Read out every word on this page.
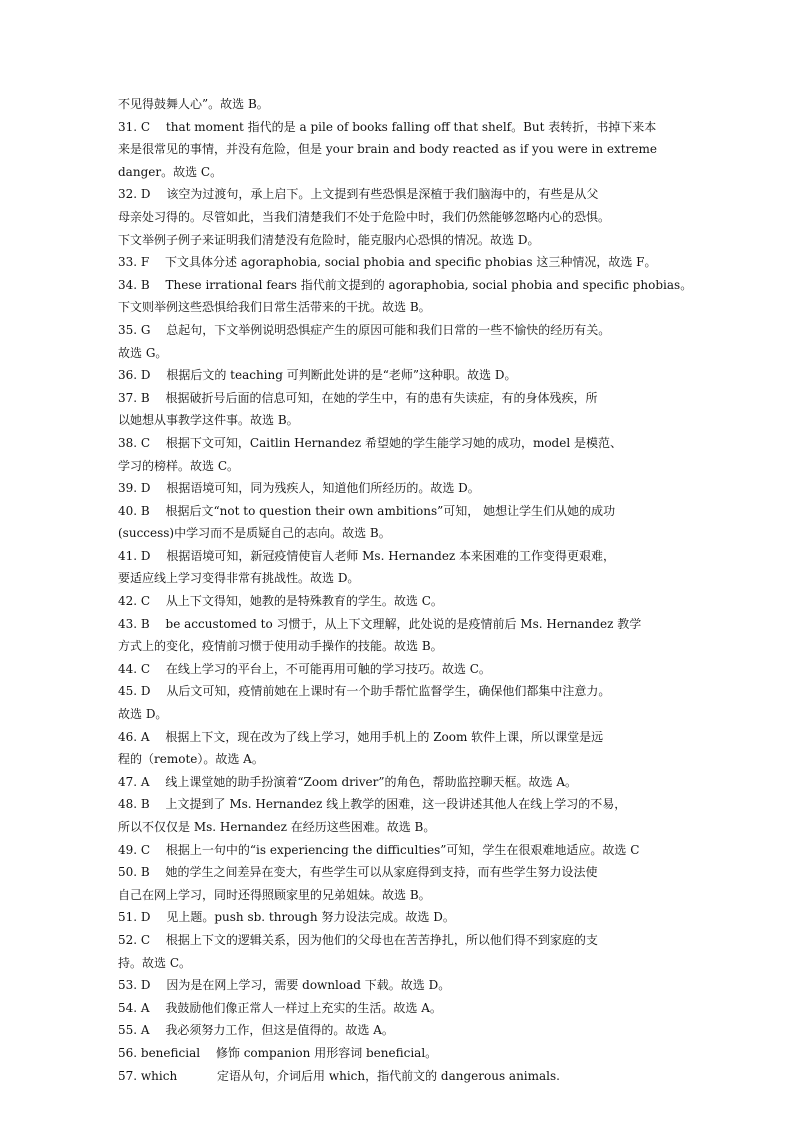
不见得鼓舞人心”。故选 B。
31. C　 that moment 指代的是 a pile of books falling off that shelf。But 表转折，书掉下来本
来是很常见的事情，并没有危险，但是 your brain and body reacted as if you were in extreme
danger。故选 C。
32. D　 该空为过渡句，承上启下。上文提到有些恐惧是深植于我们脑海中的，有些是从父
母亲处习得的。尽管如此，当我们清楚我们不处于危险中时，我们仍然能够忽略内心的恐惧。
下文举例子例子来证明我们清楚没有危险时，能克服内心恐惧的情况。故选 D。
33. F　 下文具体分述 agoraphobia, social phobia and specific phobias 这三种情况，故选 F。
34. B　 These irrational fears 指代前文提到的 agoraphobia, social phobia and specific phobias。
下文则举例这些恐惧给我们日常生活带来的干扰。故选 B。
35. G　 总起句，下文举例说明恐惧症产生的原因可能和我们日常的一些不愉快的经历有关。
故选 G。
36. D　 根据后文的 teaching 可判断此处讲的是“老师”这种职。故选 D。
37. B　 根据破折号后面的信息可知，在她的学生中，有的患有失读症，有的身体残疾，所
以她想从事教学这件事。故选 B。
38. C　 根据下文可知，Caitlin Hernandez 希望她的学生能学习她的成功，model 是模范、
学习的榜样。故选 C。
39. D　 根据语境可知，同为残疾人，知道他们所经历的。故选 D。
40. B　 根据后文“not to question their own ambitions”可知， 她想让学生们从她的成功
(success)中学习而不是质疑自己的志向。故选 B。
41. D　 根据语境可知，新冠疫情使盲人老师 Ms. Hernandez 本来困难的工作变得更艰难，
要适应线上学习变得非常有挑战性。故选 D。
42. C　 从上下文得知，她教的是特殊教育的学生。故选 C。
43. B　 be accustomed to 习惯于，从上下文理解，此处说的是疫情前后 Ms. Hernandez 教学
方式上的变化，疫情前习惯于使用动手操作的技能。故选 B。
44. C　 在线上学习的平台上，不可能再用可触的学习技巧。故选 C。
45. D　 从后文可知，疫情前她在上课时有一个助手帮忙监督学生，确保他们都集中注意力。
故选 D。
46. A　 根据上下文，现在改为了线上学习，她用手机上的 Zoom 软件上课，所以课堂是远
程的（remote）。故选 A。
47. A　 线上课堂她的助手扮演着“Zoom driver”的角色，帮助监控聊天框。故选 A。
48. B　 上文提到了 Ms. Hernandez 线上教学的困难，这一段讲述其他人在线上学习的不易，
所以不仅仅是 Ms. Hernandez 在经历这些困难。故选 B。
49. C　 根据上一句中的“is experiencing the difficulties”可知，学生在很艰难地适应。故选 C
50. B　 她的学生之间差异在变大，有些学生可以从家庭得到支持，而有些学生努力设法使
自己在网上学习，同时还得照顾家里的兄弟姐妹。故选 B。
51. D　 见上题。push sb. through 努力设法完成。故选 D。
52. C　 根据上下文的逻辑关系，因为他们的父母也在苦苦挣扎，所以他们得不到家庭的支
持。故选 C。
53. D　 因为是在网上学习，需要 download 下载。故选 D。
54. A　 我鼓励他们像正常人一样过上充实的生活。故选 A。
55. A　 我必须努力工作，但这是值得的。故选 A。
56. beneficial　 修饰 companion 用形容词 beneficial。
57. which　　　 定语从句，介词后用 which，指代前文的 dangerous animals.
